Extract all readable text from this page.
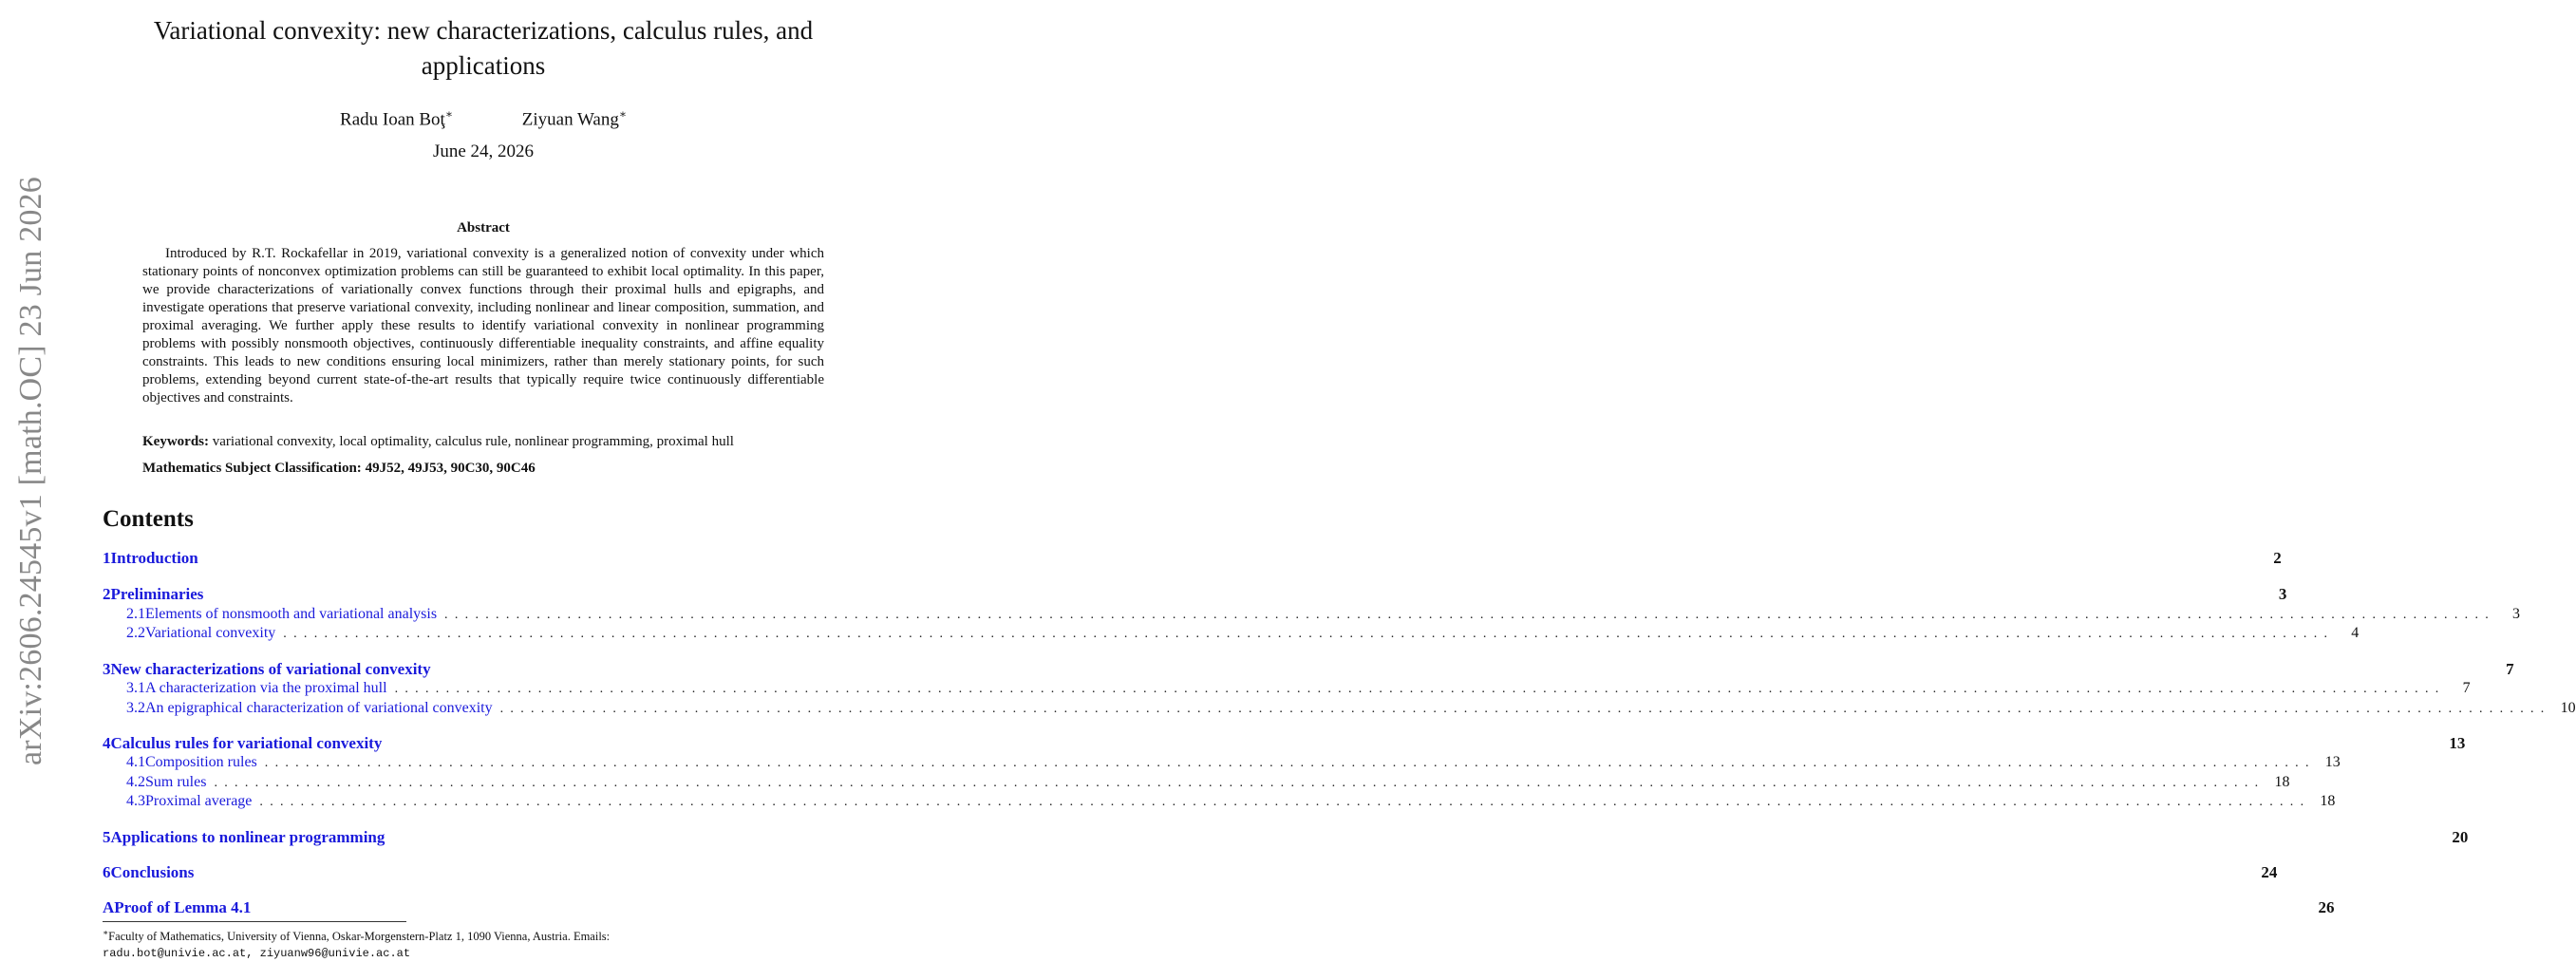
arXiv:2606.24545v1 [math.OC] 23 Jun 2026
Variational convexity: new characterizations, calculus rules, and applications
Radu Ioan Boţ∗	Ziyuan Wang∗
June 24, 2026
Abstract
Introduced by R.T. Rockafellar in 2019, variational convexity is a generalized notion of convexity under which stationary points of nonconvex optimization problems can still be guaranteed to exhibit local optimality. In this paper, we provide characterizations of variationally convex functions through their proximal hulls and epigraphs, and investigate operations that preserve variational convexity, including nonlinear and linear composition, summation, and proximal averaging. We further apply these results to identify variational convexity in nonlinear programming problems with possibly nonsmooth objectives, continuously differentiable inequality constraints, and affine equality constraints. This leads to new conditions ensuring local minimizers, rather than merely stationary points, for such problems, extending beyond current state-of-the-art results that typically require twice continuously differentiable objectives and constraints.
Keywords: variational convexity, local optimality, calculus rule, nonlinear programming, proximal hull
Mathematics Subject Classification: 49J52, 49J53, 90C30, 90C46
Contents
1 Introduction	2
2 Preliminaries	3
2.1 Elements of nonsmooth and variational analysis ........................................................................................................................................................................................................	3
2.2 Variational convexity ........................................................................................................................................................................................................	4
3 New characterizations of variational convexity	7
3.1 A characterization via the proximal hull ........................................................................................................................................................................................................	7
3.2 An epigraphical characterization of variational convexity ........................................................................................................................................................................................................ 10
4 Calculus rules for variational convexity	13
4.1 Composition rules ........................................................................................................................................................................................................ 13
4.2 Sum rules ........................................................................................................................................................................................................ 18
4.3 Proximal average ........................................................................................................................................................................................................ 18
5 Applications to nonlinear programming	20
6 Conclusions	24
A Proof of Lemma 4.1	26
∗Faculty of Mathematics, University of Vienna, Oskar-Morgenstern-Platz 1, 1090 Vienna, Austria. Emails:
radu.bot@univie.ac.at, ziyuanw96@univie.ac.at
